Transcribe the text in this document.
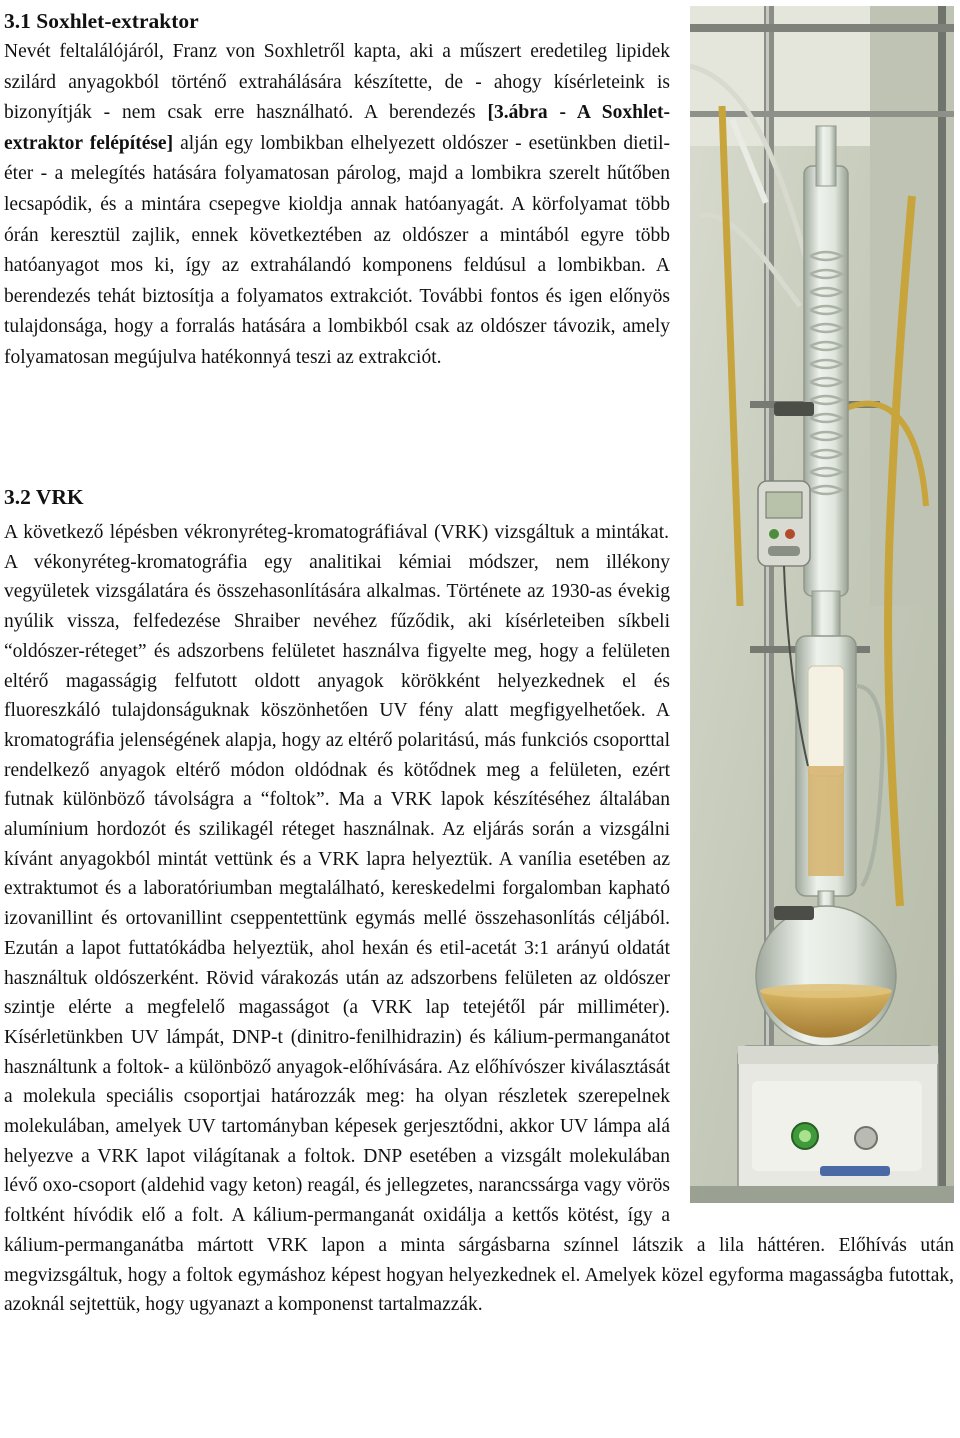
3.1 Soxhlet-extraktor

Nevét feltalálójáról, Franz von Soxhletről kapta, aki a műszert eredetileg lipidek szilárd anyagokból történő extrahálására készítette, de - ahogy kísérleteink is bizonyítják - nem csak erre használható. A berendezés [3.ábra - A Soxhlet-extraktor felépítése] alján egy lombikban elhelyezett oldószer - esetünkben dietil-éter - a melegítés hatására folyamatosan párolog, majd a lombikra szerelt hűtőben lecsapódik, és a mintára csepegve kioldja annak hatóanyagát. A körfolyamat több órán keresztül zajlik, ennek következtében az oldószer a mintából egyre több hatóanyagot mos ki, így az extrahálandó komponens feldúsul a lombikban. A berendezés tehát biztosítja a folyamatos extrakciót. További fontos és igen előnyös tulajdonsága, hogy a forralás hatására a lombikból csak az oldószer távozik, amely folyamatosan megújulva hatékonnyá teszi az extrakciót.

3.2 VRK

A következő lépésben vékronyréteg-kromatográfiával (VRK) vizsgáltuk a mintákat. A vékonyréteg-kromatográfia egy analitikai kémiai módszer, nem illékony vegyületek vizsgálatára és összehasonlítására alkalmas. Története az 1930-as évekig nyúlik vissza, felfedezése Shraiber nevéhez fűződik, aki kísérleteiben síkbeli “oldószer-réteget” és adszorbens felületet használva figyelte meg, hogy a felületen eltérő magasságig felfutott oldott anyagok körökként helyezkednek el és fluoreszkáló tulajdonságuknak köszönhetően UV fény alatt megfigyelhetőek. A kromatográfia jelenségének alapja, hogy az eltérő polaritású, más funkciós csoporttal rendelkező anyagok eltérő módon oldódnak és kötődnek meg a felületen, ezért futnak különböző távolságra a “foltok”. Ma a VRK lapok készítéséhez általában alumínium hordozót és szilikagél réteget használnak. Az eljárás során a vizsgálni kívánt anyagokból mintát vettünk és a VRK lapra helyeztük. A vanília esetében az extraktumot és a laboratóriumban megtalálható, kereskedelmi forgalomban kapható izovanillint és ortovanillint cseppentettünk egymás mellé összehasonlítás céljából. Ezután a lapot futtatókádba helyeztük, ahol hexán és etil-acetát 3:1 arányú oldatát használtuk oldószerként. Rövid várakozás után az adszorbens felületen az oldószer szintje elérte a megfelelő magasságot (a VRK lap tetejétől pár milliméter). Kísérletünkben UV lámpát, DNP-t (dinitro-fenilhidrazin) és kálium-permanganátot használtunk a foltok- a különböző anyagok-előhívására. Az előhívószer kiválasztását a molekula speciális csoportjai határozzák meg: ha olyan részletek szerepelnek molekulában, amelyek UV tartományban képesek gerjesztődni, akkor UV lámpa alá helyezve a VRK lapot világítanak a foltok. DNP esetében a vizsgált molekulában lévő oxo-csoport (aldehid vagy keton) reagál, és jellegzetes, narancssárga vagy vörös foltként hívódik elő a folt. A kálium-permanganát oxidálja a kettős kötést, így a kálium-permanganátba mártott VRK lapon a minta sárgásbarna színnel látszik a lila háttéren. Előhívás után megvizsgáltuk, hogy a foltok egymáshoz képest hogyan helyezkednek el. Amelyek közel egyforma magasságba futottak, azoknál sejtettük, hogy ugyanazt a komponenst tartalmazzák.
